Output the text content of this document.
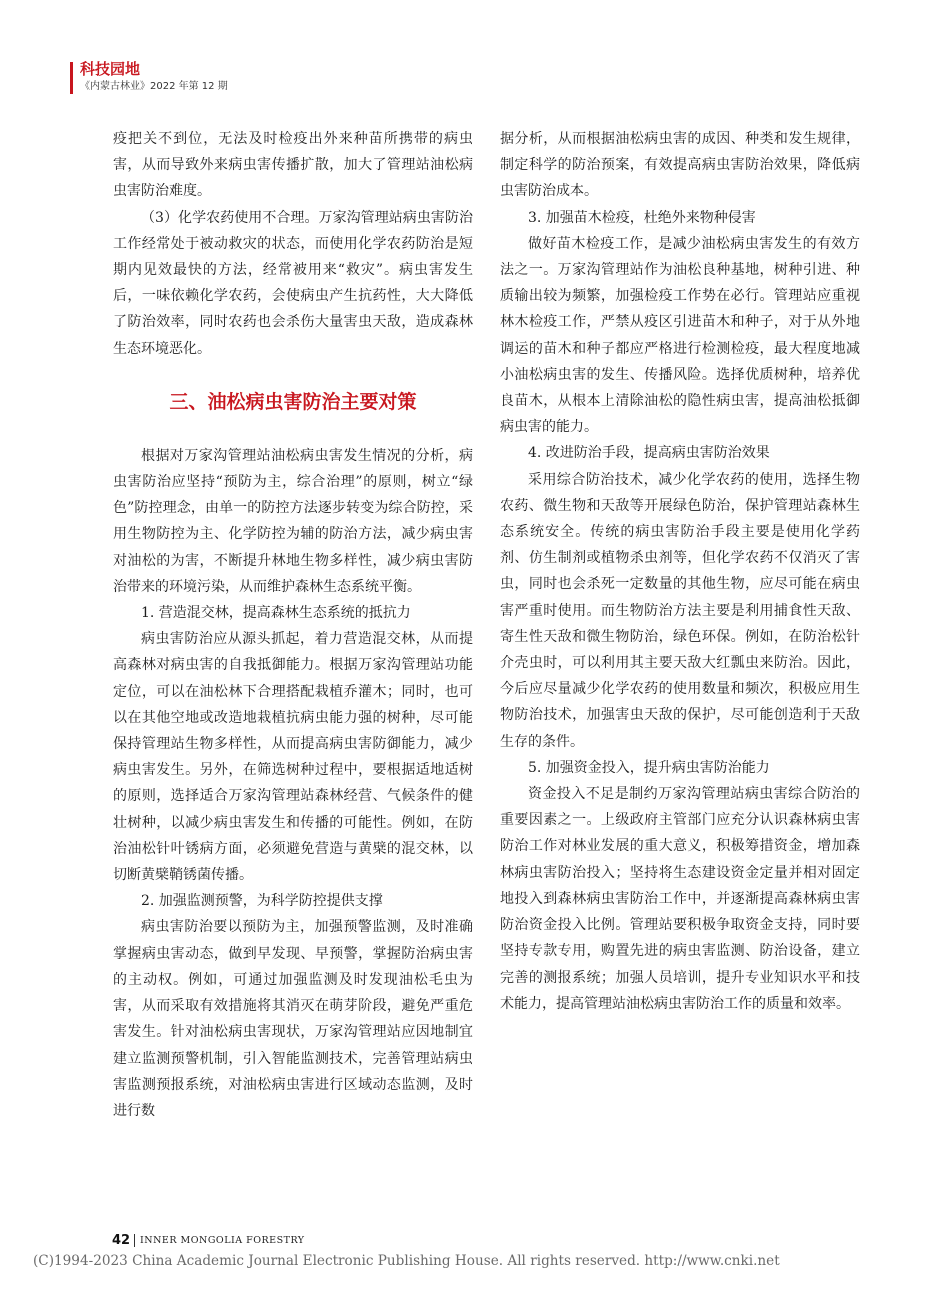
科技园地
《内蒙古林业》2022 年第 12 期

疫把关不到位，无法及时检疫出外来种苗所携带的病虫害，从而导致外来病虫害传播扩散，加大了管理站油松病虫害防治难度。

（3）化学农药使用不合理。万家沟管理站病虫害防治工作经常处于被动救灾的状态，而使用化学农药防治是短期内见效最快的方法，经常被用来“救灾”。病虫害发生后，一味依赖化学农药，会使病虫产生抗药性，大大降低了防治效率，同时农药也会杀伤大量害虫天敌，造成森林生态环境恶化。

三、油松病虫害防治主要对策

根据对万家沟管理站油松病虫害发生情况的分析，病虫害防治应坚持“预防为主，综合治理”的原则，树立“绿色”防控理念，由单一的防控方法逐步转变为综合防控，采用生物防控为主、化学防控为辅的防治方法，减少病虫害对油松的为害，不断提升林地生物多样性，减少病虫害防治带来的环境污染，从而维护森林生态系统平衡。

1. 营造混交林，提高森林生态系统的抵抗力

病虫害防治应从源头抓起，着力营造混交林，从而提高森林对病虫害的自我抵御能力。根据万家沟管理站功能定位，可以在油松林下合理搭配栽植乔灌木；同时，也可以在其他空地或改造地栽植抗病虫能力强的树种，尽可能保持管理站生物多样性，从而提高病虫害防御能力，减少病虫害发生。另外，在筛选树种过程中，要根据适地适树的原则，选择适合万家沟管理站森林经营、气候条件的健壮树种，以减少病虫害发生和传播的可能性。例如，在防治油松针叶锈病方面，必须避免营造与黄檗的混交林，以切断黄檗鞘锈菌传播。

2. 加强监测预警，为科学防控提供支撑

病虫害防治要以预防为主，加强预警监测，及时准确掌握病虫害动态，做到早发现、早预警，掌握防治病虫害的主动权。例如，可通过加强监测及时发现油松毛虫为害，从而采取有效措施将其消灭在萌芽阶段，避免严重危害发生。针对油松病虫害现状，万家沟管理站应因地制宜建立监测预警机制，引入智能监测技术，完善管理站病虫害监测预报系统，对油松病虫害进行区域动态监测，及时进行数

据分析，从而根据油松病虫害的成因、种类和发生规律，制定科学的防治预案，有效提高病虫害防治效果，降低病虫害防治成本。

3. 加强苗木检疫，杜绝外来物种侵害

做好苗木检疫工作，是减少油松病虫害发生的有效方法之一。万家沟管理站作为油松良种基地，树种引进、种质输出较为频繁，加强检疫工作势在必行。管理站应重视林木检疫工作，严禁从疫区引进苗木和种子，对于从外地调运的苗木和种子都应严格进行检测检疫，最大程度地减小油松病虫害的发生、传播风险。选择优质树种，培养优良苗木，从根本上清除油松的隐性病虫害，提高油松抵御病虫害的能力。

4. 改进防治手段，提高病虫害防治效果

采用综合防治技术，减少化学农药的使用，选择生物农药、微生物和天敌等开展绿色防治，保护管理站森林生态系统安全。传统的病虫害防治手段主要是使用化学药剂、仿生制剂或植物杀虫剂等，但化学农药不仅消灭了害虫，同时也会杀死一定数量的其他生物，应尽可能在病虫害严重时使用。而生物防治方法主要是利用捕食性天敌、寄生性天敌和微生物防治，绿色环保。例如，在防治松针介壳虫时，可以利用其主要天敌大红瓢虫来防治。因此，今后应尽量减少化学农药的使用数量和频次，积极应用生物防治技术，加强害虫天敌的保护，尽可能创造利于天敌生存的条件。

5. 加强资金投入，提升病虫害防治能力

资金投入不足是制约万家沟管理站病虫害综合防治的重要因素之一。上级政府主管部门应充分认识森林病虫害防治工作对林业发展的重大意义，积极筹措资金，增加森林病虫害防治投入；坚持将生态建设资金定量并相对固定地投入到森林病虫害防治工作中，并逐渐提高森林病虫害防治资金投入比例。管理站要积极争取资金支持，同时要坚持专款专用，购置先进的病虫害监测、防治设备，建立完善的测报系统；加强人员培训，提升专业知识水平和技术能力，提高管理站油松病虫害防治工作的质量和效率。

42 INNER MONGOLIA FORESTRY
(C)1994-2023 China Academic Journal Electronic Publishing House. All rights reserved. http://www.cnki.net
